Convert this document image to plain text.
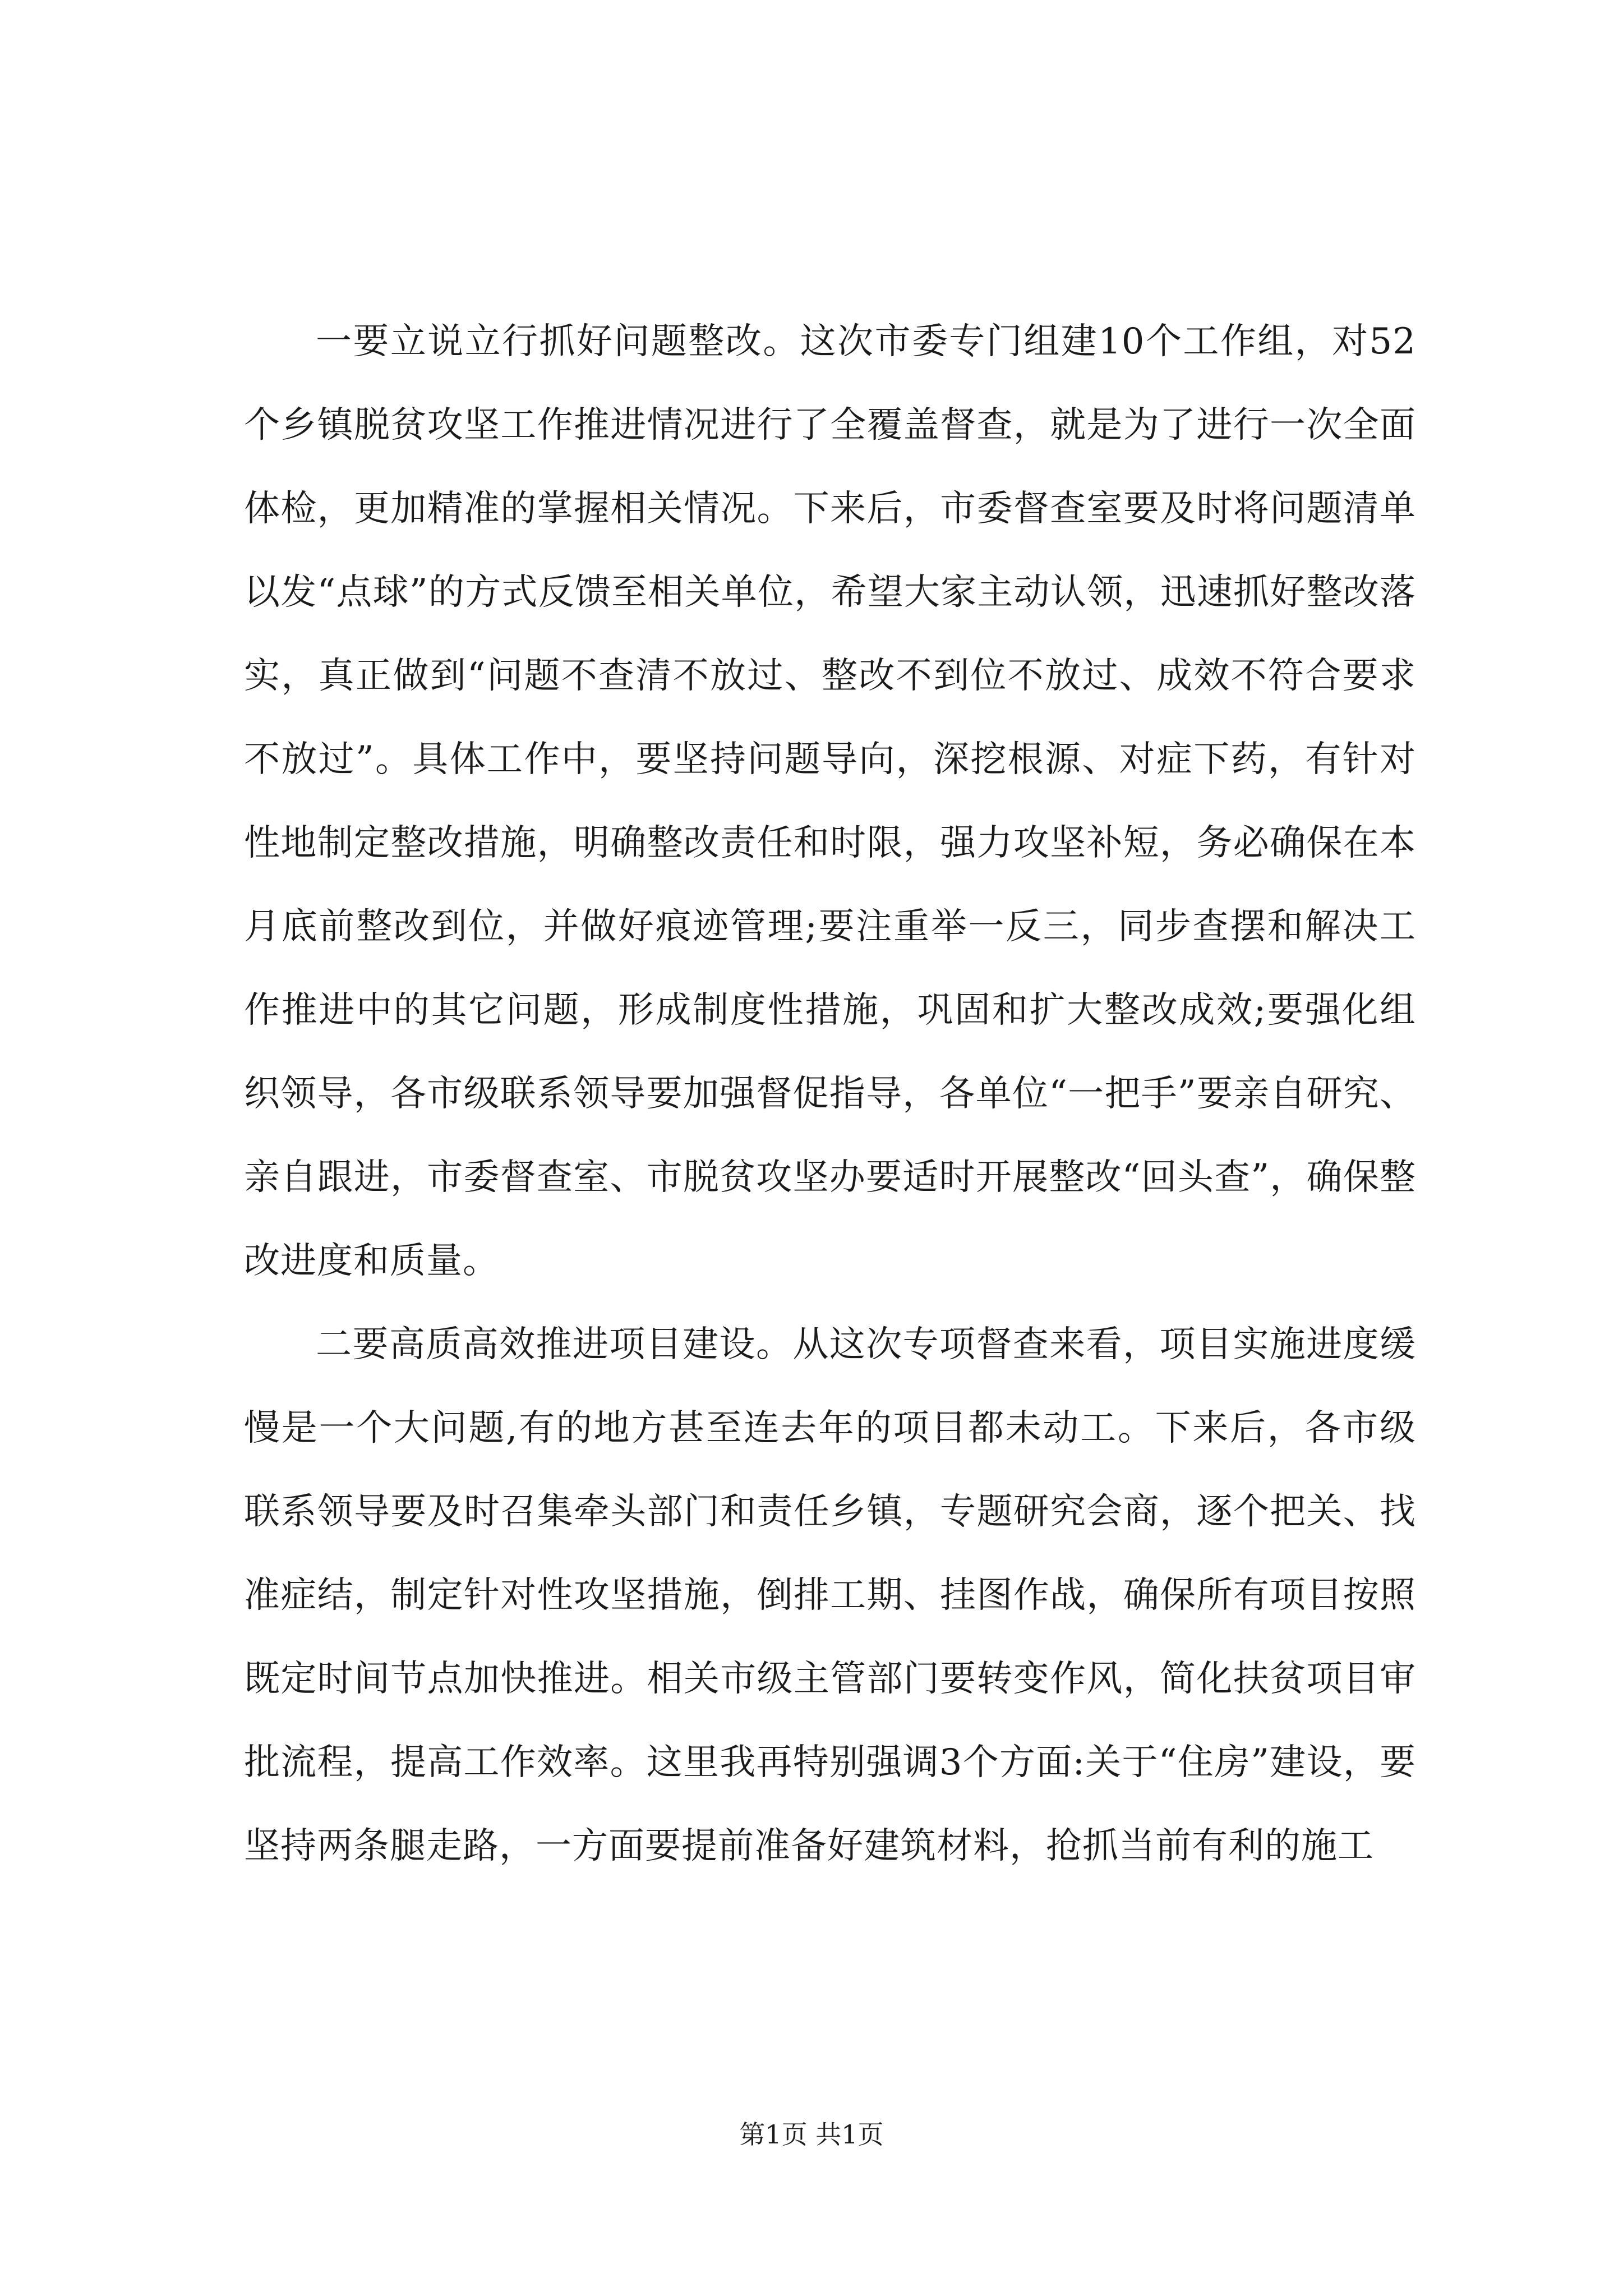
一要立说立行抓好问题整改。这次市委专门组建10个工作组，对52个乡镇脱贫攻坚工作推进情况进行了全覆盖督查，就是为了进行一次全面体检，更加精准的掌握相关情况。下来后，市委督查室要及时将问题清单以发“点球”的方式反馈至相关单位，希望大家主动认领，迅速抓好整改落实，真正做到“问题不查清不放过、整改不到位不放过、成效不符合要求不放过”。具体工作中，要坚持问题导向，深挖根源、对症下药，有针对性地制定整改措施，明确整改责任和时限，强力攻坚补短，务必确保在本月底前整改到位，并做好痕迹管理;要注重举一反三，同步查摆和解决工作推进中的其它问题，形成制度性措施，巩固和扩大整改成效;要强化组织领导，各市级联系领导要加强督促指导，各单位“一把手”要亲自研究、亲自跟进，市委督查室、市脱贫攻坚办要适时开展整改“回头查”，确保整改进度和质量。

二要高质高效推进项目建设。从这次专项督查来看，项目实施进度缓慢是一个大问题,有的地方甚至连去年的项目都未动工。下来后，各市级联系领导要及时召集牵头部门和责任乡镇，专题研究会商，逐个把关、找准症结，制定针对性攻坚措施，倒排工期、挂图作战，确保所有项目按照既定时间节点加快推进。相关市级主管部门要转变作风，简化扶贫项目审批流程，提高工作效率。这里我再特别强调3个方面:关于“住房”建设，要坚持两条腿走路，一方面要提前准备好建筑材料，抢抓当前有利的施工

第1页 共1页
